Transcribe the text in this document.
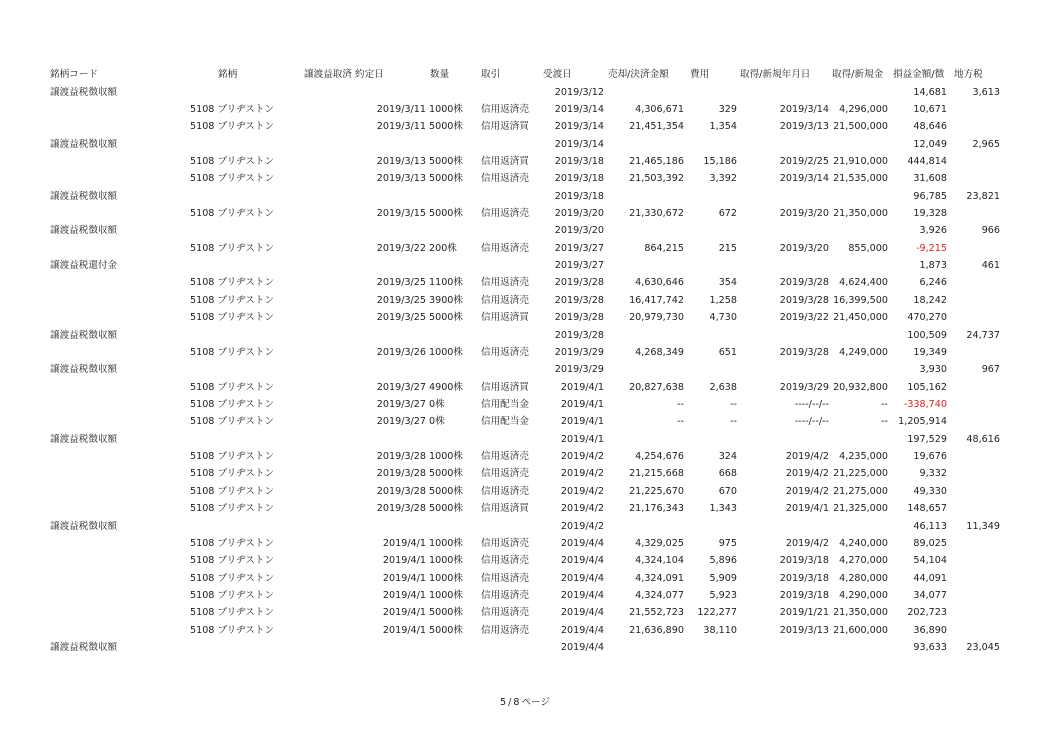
銘柄コード	銘柄	譲渡益取済 約定日	数量	取引	受渡日	売却/決済金額 費用	取得/新規年月日 取得/新規金 損益金額/徴 地方税
譲渡益税徴収額	2019/3/12	14,681	3,613
5108 ブリヂストン	2019/3/11 1000株 信用返済売	2019/3/14	4,306,671	329	2019/3/14 4,296,000	10,671
5108 ブリヂストン	2019/3/11 5000株 信用返済買	2019/3/14	21,451,354	1,354	2019/3/13 21,500,000	48,646
譲渡益税徴収額	2019/3/14	12,049	2,965
5108 ブリヂストン	2019/3/13 5000株 信用返済買	2019/3/18	21,465,186 15,186	2019/2/25 21,910,000 444,814
5108 ブリヂストン	2019/3/13 5000株 信用返済売	2019/3/18	21,503,392	3,392	2019/3/14 21,535,000	31,608
譲渡益税徴収額	2019/3/18	96,785 23,821
5108 ブリヂストン	2019/3/15 5000株 信用返済売	2019/3/20	21,330,672	672	2019/3/20 21,350,000	19,328
譲渡益税徴収額	2019/3/20	3,926	966
5108 ブリヂストン	2019/3/22 200株	信用返済売	2019/3/27	864,215	215	2019/3/20 855,000	-9,215
譲渡益税還付金	2019/3/27	1,873	461
5108 ブリヂストン	2019/3/25 1100株 信用返済売	2019/3/28	4,630,646	354	2019/3/28 4,624,400	6,246
5108 ブリヂストン	2019/3/25 3900株 信用返済売	2019/3/28	16,417,742	1,258	2019/3/28 16,399,500	18,242
5108 ブリヂストン	2019/3/25 5000株 信用返済買	2019/3/28	20,979,730	4,730	2019/3/22 21,450,000 470,270
譲渡益税徴収額	2019/3/28	100,509 24,737
5108 ブリヂストン	2019/3/26 1000株 信用返済売	2019/3/29	4,268,349	651	2019/3/28 4,249,000	19,349
譲渡益税徴収額	2019/3/29	3,930	967
5108 ブリヂストン	2019/3/27 4900株 信用返済買	2019/4/1	20,827,638	2,638	2019/3/29 20,932,800 105,162
5108 ブリヂストン	2019/3/27 0株	信用配当金	2019/4/1	--	--	----/--/--	-- -338,740
5108 ブリヂストン	2019/3/27 0株	信用配当金	2019/4/1	--	--	----/--/--	-- 1,205,914
譲渡益税徴収額	2019/4/1	197,529 48,616
5108 ブリヂストン	2019/3/28 1000株 信用返済売	2019/4/2	4,254,676	324	2019/4/2 4,235,000	19,676
5108 ブリヂストン	2019/3/28 5000株 信用返済売	2019/4/2	21,215,668	668	2019/4/2 21,225,000	9,332
5108 ブリヂストン	2019/3/28 5000株 信用返済売	2019/4/2	21,225,670	670	2019/4/2 21,275,000	49,330
5108 ブリヂストン	2019/3/28 5000株 信用返済買	2019/4/2	21,176,343	1,343	2019/4/1 21,325,000 148,657
譲渡益税徴収額	2019/4/2	46,113 11,349
5108 ブリヂストン	2019/4/1 1000株 信用返済売	2019/4/4	4,329,025	975	2019/4/2 4,240,000	89,025
5108 ブリヂストン	2019/4/1 1000株 信用返済売	2019/4/4	4,324,104	5,896	2019/3/18 4,270,000	54,104
5108 ブリヂストン	2019/4/1 1000株 信用返済売	2019/4/4	4,324,091	5,909	2019/3/18 4,280,000	44,091
5108 ブリヂストン	2019/4/1 1000株 信用返済売	2019/4/4	4,324,077	5,923	2019/3/18 4,290,000	34,077
5108 ブリヂストン	2019/4/1 5000株 信用返済売	2019/4/4	21,552,723 122,277	2019/1/21 21,350,000 202,723
5108 ブリヂストン	2019/4/1 5000株 信用返済売	2019/4/4	21,636,890 38,110	2019/3/13 21,600,000	36,890
譲渡益税徴収額	2019/4/4	93,633 23,045
5 / 8 ページ
